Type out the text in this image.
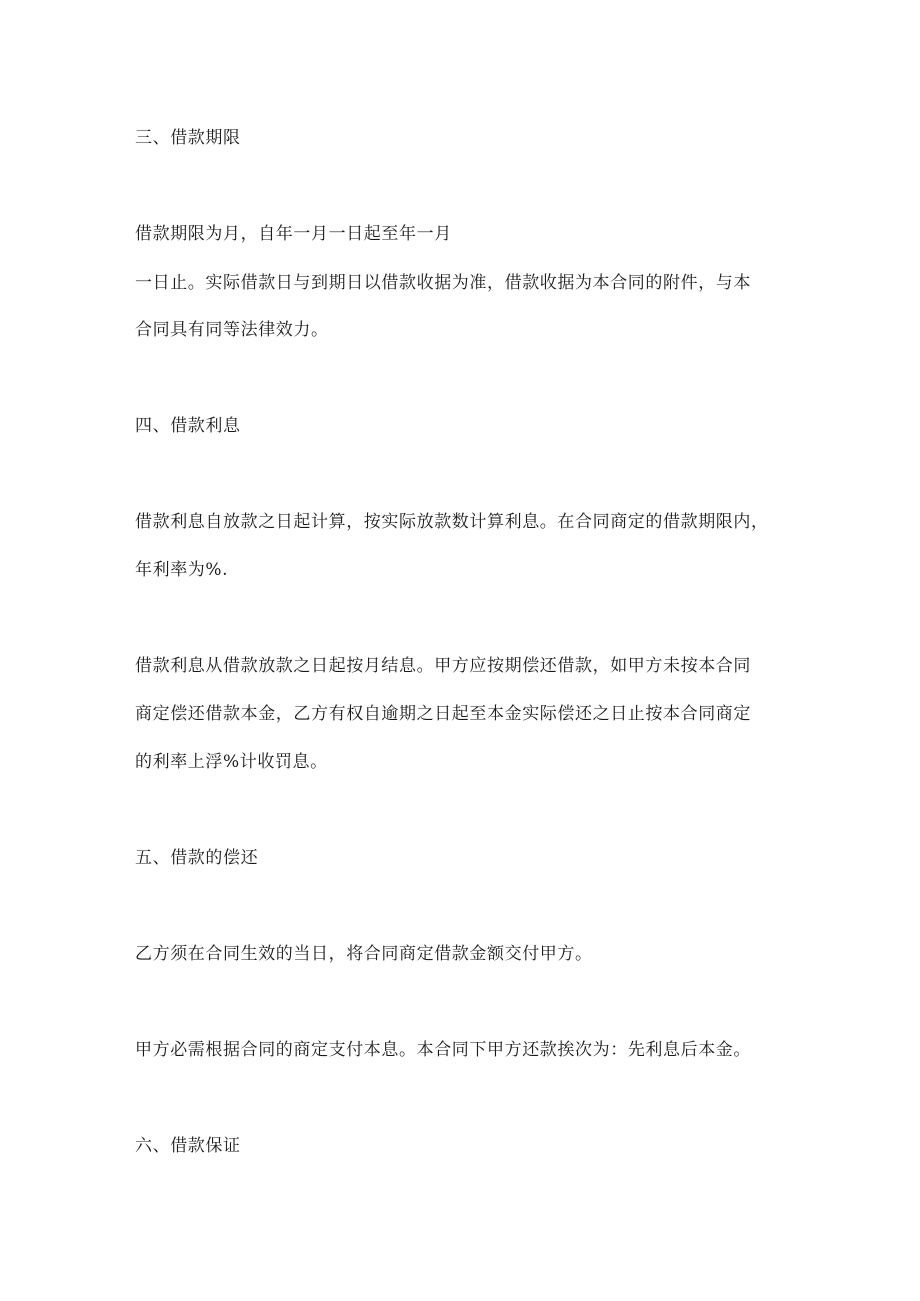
三、借款期限
借款期限为月，自年一月一日起至年一月
一日止。实际借款日与到期日以借款收据为准，借款收据为本合同的附件，与本
合同具有同等法律效力。
四、借款利息
借款利息自放款之日起计算，按实际放款数计算利息。在合同商定的借款期限内，
年利率为%.
借款利息从借款放款之日起按月结息。甲方应按期偿还借款，如甲方未按本合同
商定偿还借款本金，乙方有权自逾期之日起至本金实际偿还之日止按本合同商定
的利率上浮%计收罚息。
五、借款的偿还
乙方须在合同生效的当日，将合同商定借款金额交付甲方。
甲方必需根据合同的商定支付本息。本合同下甲方还款挨次为：先利息后本金。
六、借款保证
